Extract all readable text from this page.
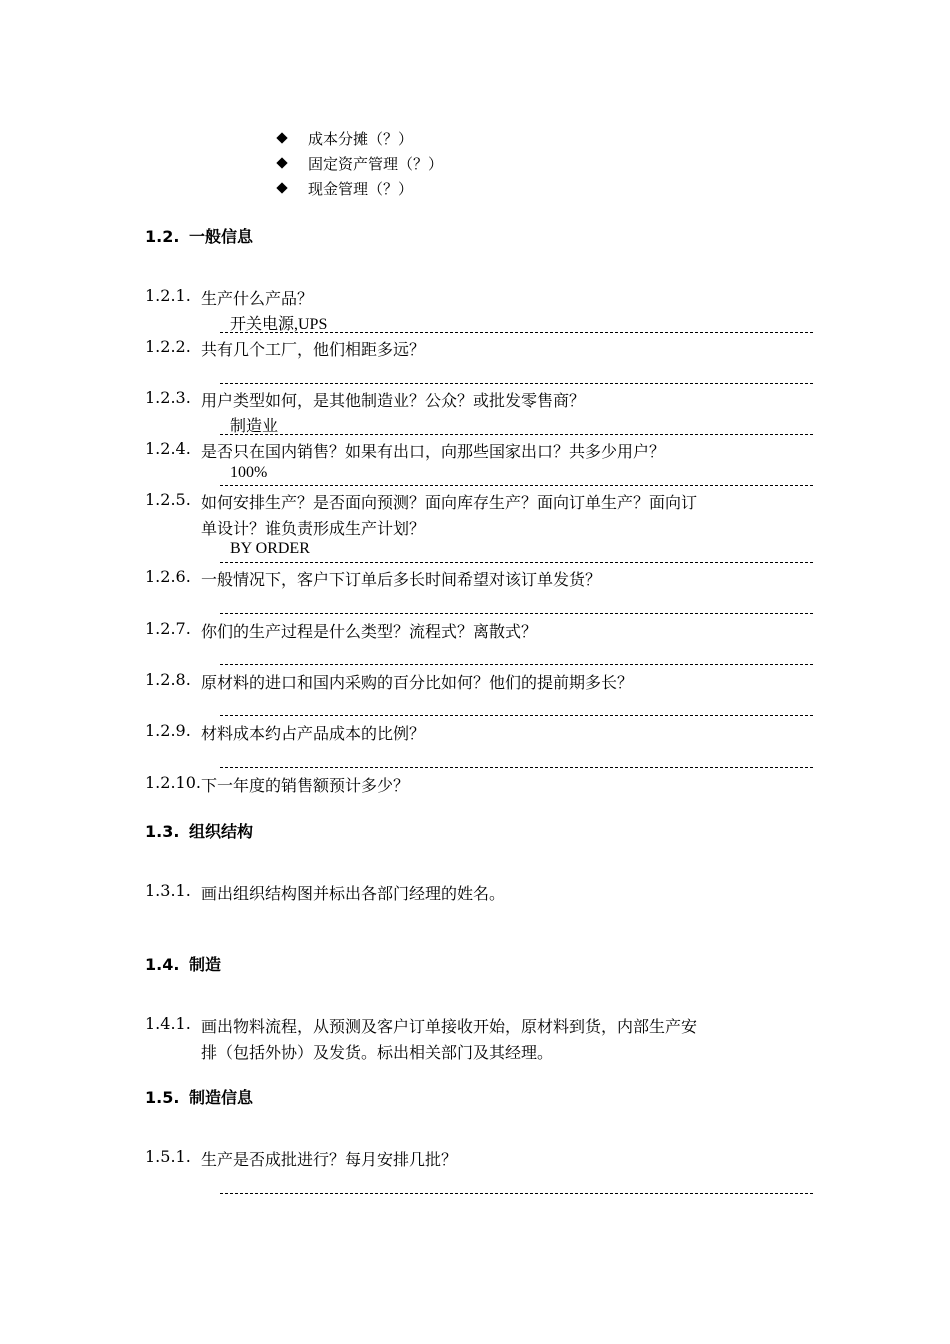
成本分摊（？）
固定资产管理（？）
现金管理（？）
1.2. 一般信息
1.2.1. 生产什么产品？
开关电源,UPS
1.2.2. 共有几个工厂，他们相距多远？
1.2.3. 用户类型如何，是其他制造业？公众？或批发零售商？
制造业
1.2.4. 是否只在国内销售？如果有出口，向那些国家出口？共多少用户？
100%
1.2.5. 如何安排生产？是否面向预测？面向库存生产？面向订单生产？面向订
单设计？谁负责形成生产计划？
BY ORDER
1.2.6. 一般情况下，客户下订单后多长时间希望对该订单发货？
1.2.7. 你们的生产过程是什么类型？流程式？离散式？
1.2.8. 原材料的进口和国内采购的百分比如何？他们的提前期多长？
1.2.9. 材料成本约占产品成本的比例？
1.2.10. 下一年度的销售额预计多少？
1.3. 组织结构
1.3.1. 画出组织结构图并标出各部门经理的姓名。
1.4. 制造
1.4.1. 画出物料流程，从预测及客户订单接收开始，原材料到货，内部生产安
排（包括外协）及发货。标出相关部门及其经理。
1.5. 制造信息
1.5.1. 生产是否成批进行？每月安排几批？
